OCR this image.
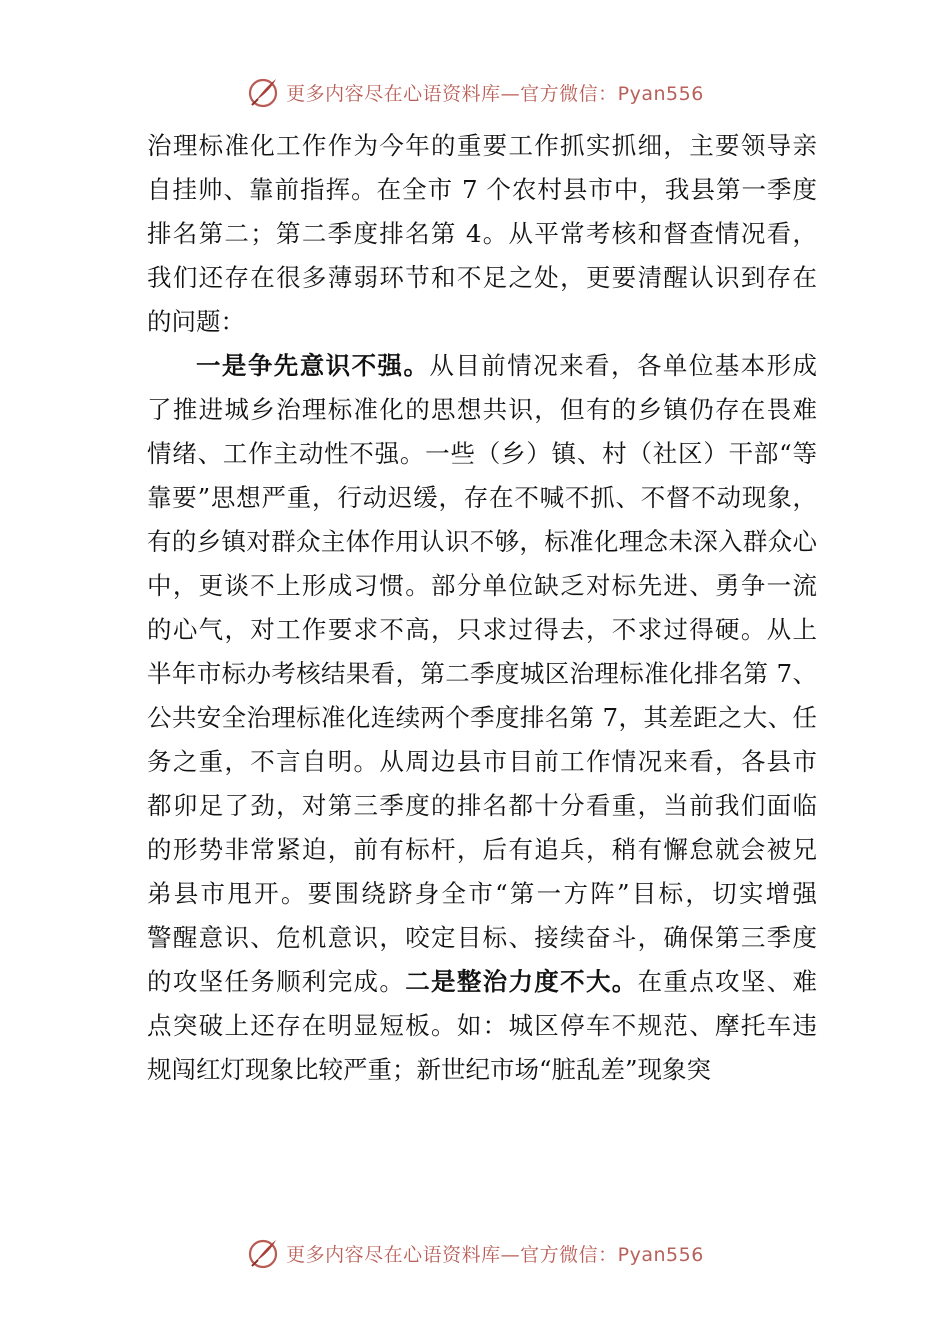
更多内容尽在心语资料库—官方微信：Pyan556
治理标准化工作作为今年的重要工作抓实抓细，主要领导亲
自挂帅、靠前指挥。在全市 7 个农村县市中，我县第一季度
排名第二；第二季度排名第 4。从平常考核和督查情况看，
我们还存在很多薄弱环节和不足之处，更要清醒认识到存在
的问题：
一是争先意识不强。从目前情况来看，各单位基本形成
了推进城乡治理标准化的思想共识，但有的乡镇仍存在畏难
情绪、工作主动性不强。一些（乡）镇、村（社区）干部“等
靠要”思想严重，行动迟缓，存在不喊不抓、不督不动现象，
有的乡镇对群众主体作用认识不够，标准化理念未深入群众心
中，更谈不上形成习惯。部分单位缺乏对标先进、勇争一流
的心气，对工作要求不高，只求过得去，不求过得硬。从上
半年市标办考核结果看，第二季度城区治理标准化排名第 7、
公共安全治理标准化连续两个季度排名第 7，其差距之大、任
务之重，不言自明。从周边县市目前工作情况来看，各县市
都卯足了劲，对第三季度的排名都十分看重，当前我们面临
的形势非常紧迫，前有标杆，后有追兵，稍有懈怠就会被兄
弟县市甩开。要围绕跻身全市“第一方阵”目标，切实增强
警醒意识、危机意识，咬定目标、接续奋斗，确保第三季度
的攻坚任务顺利完成。二是整治力度不大。在重点攻坚、难
点突破上还存在明显短板。如：城区停车不规范、摩托车违
规闯红灯现象比较严重；新世纪市场“脏乱差”现象突
更多内容尽在心语资料库—官方微信：Pyan556
